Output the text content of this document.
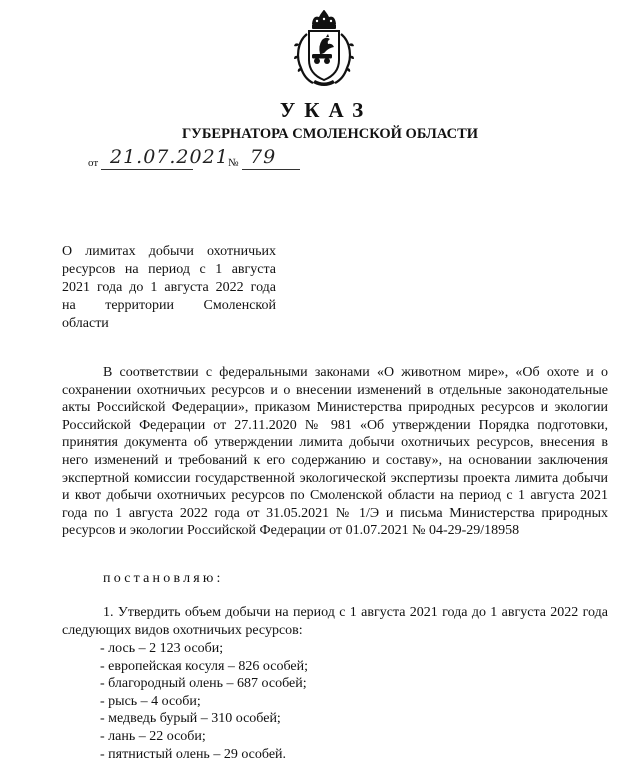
УКАЗ
ГУБЕРНАТОРА СМОЛЕНСКОЙ ОБЛАСТИ
от 21.07.2021 № 79
О лимитах добычи охотничьих
ресурсов на период с 1 августа
2021 года до 1 августа 2022 года
на территории Смоленской
области
В соответствии с федеральными законами «О животном мире», «Об охоте и о сохранении охотничьих ресурсов и о внесении изменений в отдельные законодательные акты Российской Федерации», приказом Министерства природных ресурсов и экологии Российской Федерации от 27.11.2020 № 981 «Об утверждении Порядка подготовки, принятия документа об утверждении лимита добычи охотничьих ресурсов, внесения в него изменений и требований к его содержанию и составу», на основании заключения экспертной комиссии государственной экологической экспертизы проекта лимита добычи и квот добычи охотничьих ресурсов по Смоленской области на период с 1 августа 2021 года по 1 августа 2022 года от 31.05.2021 № 1/Э и письма Министерства природных ресурсов и экологии Российской Федерации от 01.07.2021 № 04-29-29/18958
постановляю:
1. Утвердить объем добычи на период с 1 августа 2021 года до 1 августа 2022 года следующих видов охотничьих ресурсов:
- лось – 2 123 особи;
- европейская косуля – 826 особей;
- благородный олень – 687 особей;
- рысь – 4 особи;
- медведь бурый – 310 особей;
- лань – 22 особи;
- пятнистый олень – 29 особей.
